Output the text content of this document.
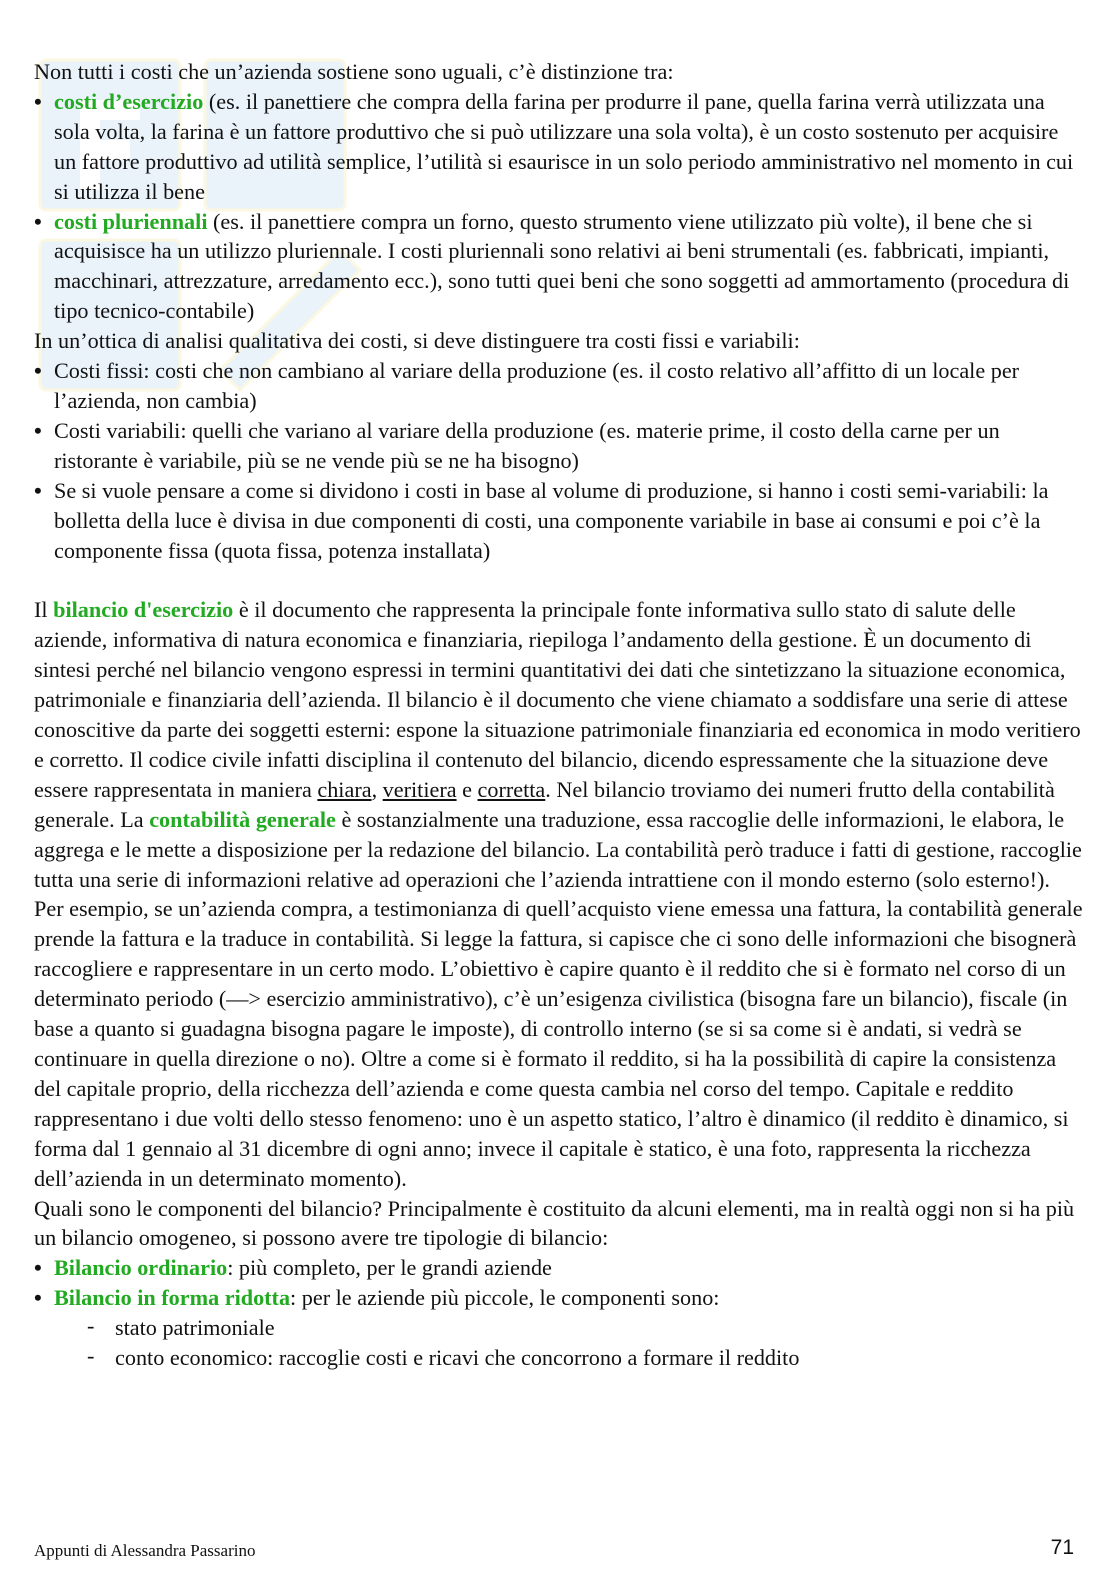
Non tutti i costi che un’azienda sostiene sono uguali, c’è distinzione tra:

• costi d’esercizio (es. il panettiere che compra della farina per produrre il pane, quella farina verrà utilizzata una sola volta, la farina è un fattore produttivo che si può utilizzare una sola volta), è un costo sostenuto per acquisire un fattore produttivo ad utilità semplice, l’utilità si esaurisce in un solo periodo amministrativo nel momento in cui si utilizza il bene
• costi pluriennali (es. il panettiere compra un forno, questo strumento viene utilizzato più volte), il bene che si acquisisce ha un utilizzo pluriennale. I costi pluriennali sono relativi ai beni strumentali (es. fabbricati, impianti, macchinari, attrezzature, arredamento ecc.), sono tutti quei beni che sono soggetti ad ammortamento (procedura di tipo tecnico-contabile)

In un’ottica di analisi qualitativa dei costi, si deve distinguere tra costi fissi e variabili:

• Costi fissi: costi che non cambiano al variare della produzione (es. il costo relativo all’affitto di un locale per l’azienda, non cambia)
• Costi variabili: quelli che variano al variare della produzione (es. materie prime, il costo della carne per un ristorante è variabile, più se ne vende più se ne ha bisogno)
• Se si vuole pensare a come si dividono i costi in base al volume di produzione, si hanno i costi semi-variabili: la bolletta della luce è divisa in due componenti di costi, una componente variabile in base ai consumi e poi c’è la componente fissa (quota fissa, potenza installata)

Il bilancio d'esercizio è il documento che rappresenta la principale fonte informativa sullo stato di salute delle aziende, informativa di natura economica e finanziaria, riepiloga l’andamento della gestione. È un documento di sintesi perché nel bilancio vengono espressi in termini quantitativi dei dati che sintetizzano la situazione economica, patrimoniale e finanziaria dell’azienda. Il bilancio è il documento che viene chiamato a soddisfare una serie di attese conoscitive da parte dei soggetti esterni: espone la situazione patrimoniale finanziaria ed economica in modo veritiero e corretto. Il codice civile infatti disciplina il contenuto del bilancio, dicendo espressamente che la situazione deve essere rappresentata in maniera chiara, veritiera e corretta. Nel bilancio troviamo dei numeri frutto della contabilità generale. La contabilità generale è sostanzialmente una traduzione, essa raccoglie delle informazioni, le elabora, le aggrega e le mette a disposizione per la redazione del bilancio. La contabilità però traduce i fatti di gestione, raccoglie tutta una serie di informazioni relative ad operazioni che l’azienda intrattiene con il mondo esterno (solo esterno!). Per esempio, se un’azienda compra, a testimonianza di quell’acquisto viene emessa una fattura, la contabilità generale prende la fattura e la traduce in contabilità. Si legge la fattura, si capisce che ci sono delle informazioni che bisognerà raccogliere e rappresentare in un certo modo. L’obiettivo è capire quanto è il reddito che si è formato nel corso di un determinato periodo (—> esercizio amministrativo), c’è un’esigenza civilistica (bisogna fare un bilancio), fiscale (in base a quanto si guadagna bisogna pagare le imposte), di controllo interno (se si sa come si è andati, si vedrà se continuare in quella direzione o no). Oltre a come si è formato il reddito, si ha la possibilità di capire la consistenza del capitale proprio, della ricchezza dell’azienda e come questa cambia nel corso del tempo. Capitale e reddito rappresentano i due volti dello stesso fenomeno: uno è un aspetto statico, l’altro è dinamico (il reddito è dinamico, si forma dal 1 gennaio al 31 dicembre di ogni anno; invece il capitale è statico, è una foto, rappresenta la ricchezza dell’azienda in un determinato momento).

Quali sono le componenti del bilancio? Principalmente è costituito da alcuni elementi, ma in realtà oggi non si ha più un bilancio omogeneo, si possono avere tre tipologie di bilancio:

• Bilancio ordinario: più completo, per le grandi aziende
• Bilancio in forma ridotta: per le aziende più piccole, le componenti sono:
- stato patrimoniale
- conto economico: raccoglie costi e ricavi che concorrono a formare il reddito
Appunti di Alessandra Passarino	71
